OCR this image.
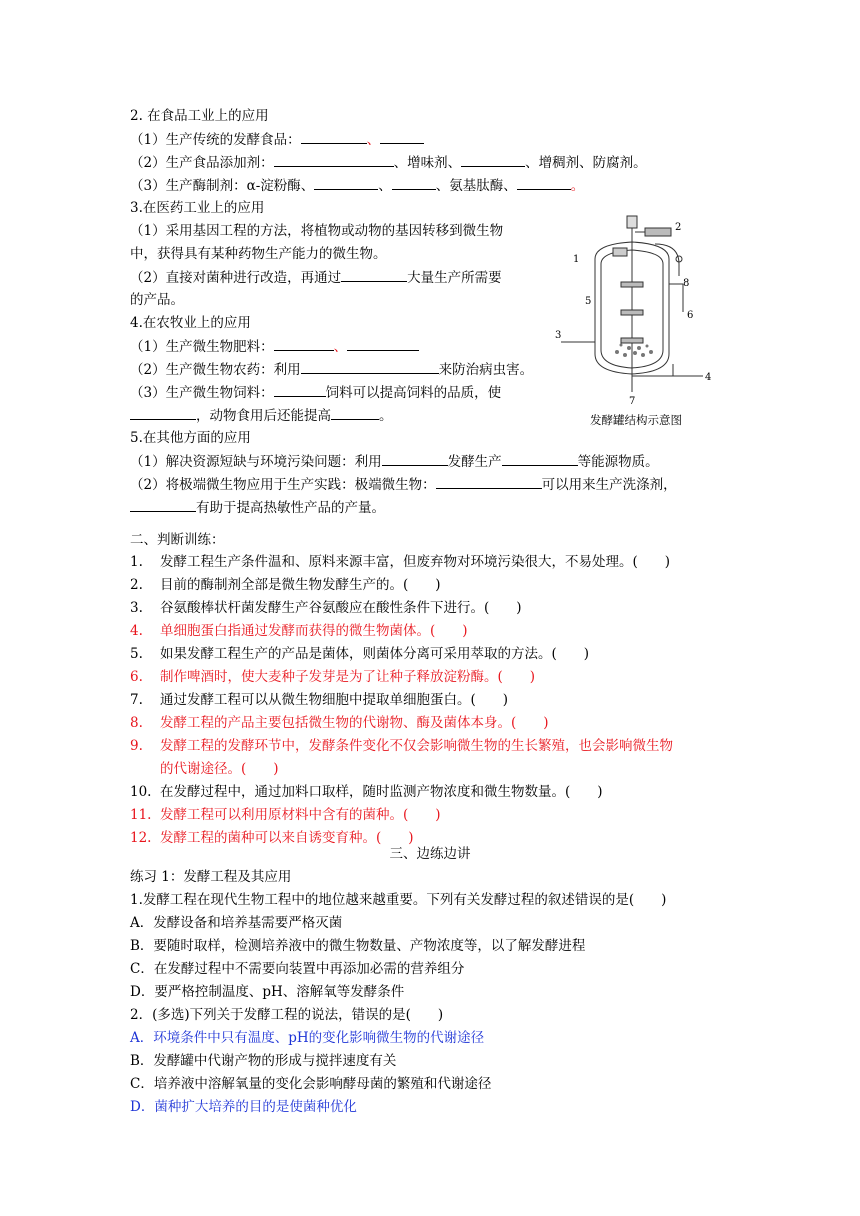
2. 在食品工业上的应用
（1）生产传统的发酵食品：	、
（2）生产食品添加剂：	、增味剂、	、增稠剂、防腐剂。
（3）生产酶制剂：α-淀粉酶、	、	、氨基肽酶、	。
3.在医药工业上的应用
（1）采用基因工程的方法，将植物或动物的基因转移到微生物
中，获得具有某种药物生产能力的微生物。
（2）直接对菌种进行改造，再通过	大量生产所需要
的产品。
4.在农牧业上的应用
（1）生产微生物肥料：	、
（2）生产微生物农药：利用	来防治病虫害。
（3）生产微生物饲料：	饲料可以提高饲料的品质，使
，动物食用后还能提高	。
1
2
3
4
5
6
7
8
发酵罐结构示意图
5.在其他方面的应用
（1）解决资源短缺与环境污染问题：利用	发酵生产	等能源物质。
（2）将极端微生物应用于生产实践：极端微生物：	可以用来生产洗涤剂，
有助于提高热敏性产品的产量。
二、判断训练：
1. 发酵工程生产条件温和、原料来源丰富，但废弃物对环境污染很大，不易处理。(　　)
2. 目前的酶制剂全部是微生物发酵生产的。(　　)
3. 谷氨酸棒状杆菌发酵生产谷氨酸应在酸性条件下进行。(　　)
4. 单细胞蛋白指通过发酵而获得的微生物菌体。(　　)
5. 如果发酵工程生产的产品是菌体，则菌体分离可采用萃取的方法。(　　)
6. 制作啤酒时，使大麦种子发芽是为了让种子释放淀粉酶。(　　)
7. 通过发酵工程可以从微生物细胞中提取单细胞蛋白。(　　)
8. 发酵工程的产品主要包括微生物的代谢物、酶及菌体本身。(　　)
9. 发酵工程的发酵环节中，发酵条件变化不仅会影响微生物的生长繁殖，也会影响微生物
的代谢途径。(　　)
10. 在发酵过程中，通过加料口取样，随时监测产物浓度和微生物数量。(　　)
11. 发酵工程可以利用原材料中含有的菌种。(　　)
12. 发酵工程的菌种可以来自诱变育种。(　　)
三、边练边讲
练习 1：发酵工程及其应用
1.发酵工程在现代生物工程中的地位越来越重要。下列有关发酵过程的叙述错误的是(　　)
A．发酵设备和培养基需要严格灭菌
B．要随时取样，检测培养液中的微生物数量、产物浓度等，以了解发酵进程
C．在发酵过程中不需要向装置中再添加必需的营养组分
D．要严格控制温度、pH、溶解氧等发酵条件
2．(多选)下列关于发酵工程的说法，错误的是(　　)
A．环境条件中只有温度、pH的变化影响微生物的代谢途径
B．发酵罐中代谢产物的形成与搅拌速度有关
C．培养液中溶解氧量的变化会影响酵母菌的繁殖和代谢途径
D．菌种扩大培养的目的是使菌种优化
